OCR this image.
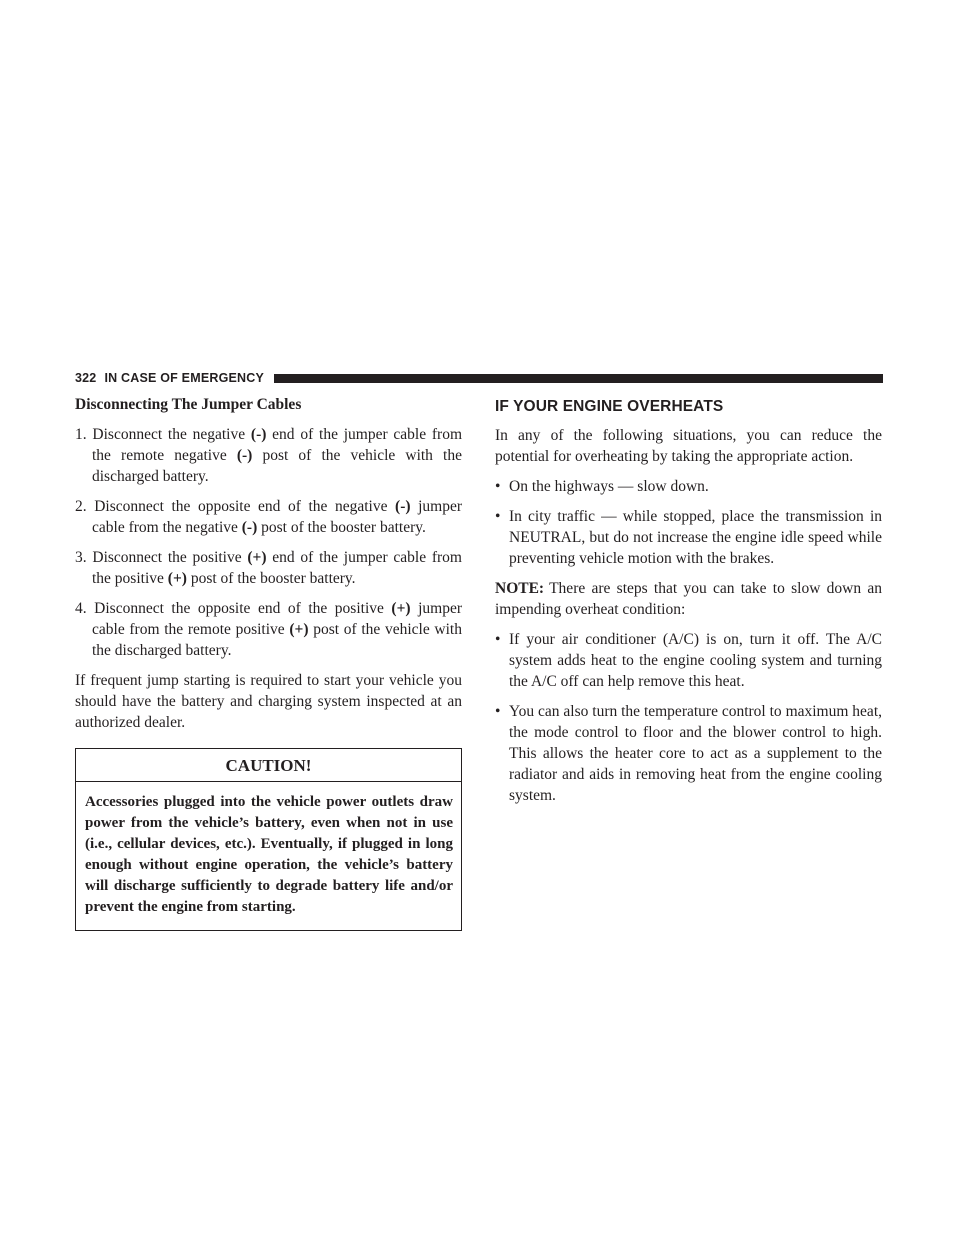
322 IN CASE OF EMERGENCY

Disconnecting The Jumper Cables

1. Disconnect the negative (-) end of the jumper cable from the remote negative (-) post of the vehicle with the discharged battery.

2. Disconnect the opposite end of the negative (-) jumper cable from the negative (-) post of the booster battery.

3. Disconnect the positive (+) end of the jumper cable from the positive (+) post of the booster battery.

4. Disconnect the opposite end of the positive (+) jumper cable from the remote positive (+) post of the vehicle with the discharged battery.

If frequent jump starting is required to start your vehicle you should have the battery and charging system inspected at an authorized dealer.

CAUTION!

Accessories plugged into the vehicle power outlets draw power from the vehicle’s battery, even when not in use (i.e., cellular devices, etc.). Eventually, if plugged in long enough without engine operation, the vehicle’s battery will discharge sufficiently to degrade battery life and/or prevent the engine from starting.

IF YOUR ENGINE OVERHEATS

In any of the following situations, you can reduce the potential for overheating by taking the appropriate action.

• On the highways — slow down.

• In city traffic — while stopped, place the transmission in NEUTRAL, but do not increase the engine idle speed while preventing vehicle motion with the brakes.

NOTE: There are steps that you can take to slow down an impending overheat condition:

• If your air conditioner (A/C) is on, turn it off. The A/C system adds heat to the engine cooling system and turning the A/C off can help remove this heat.

• You can also turn the temperature control to maximum heat, the mode control to floor and the blower control to high. This allows the heater core to act as a supplement to the radiator and aids in removing heat from the engine cooling system.
